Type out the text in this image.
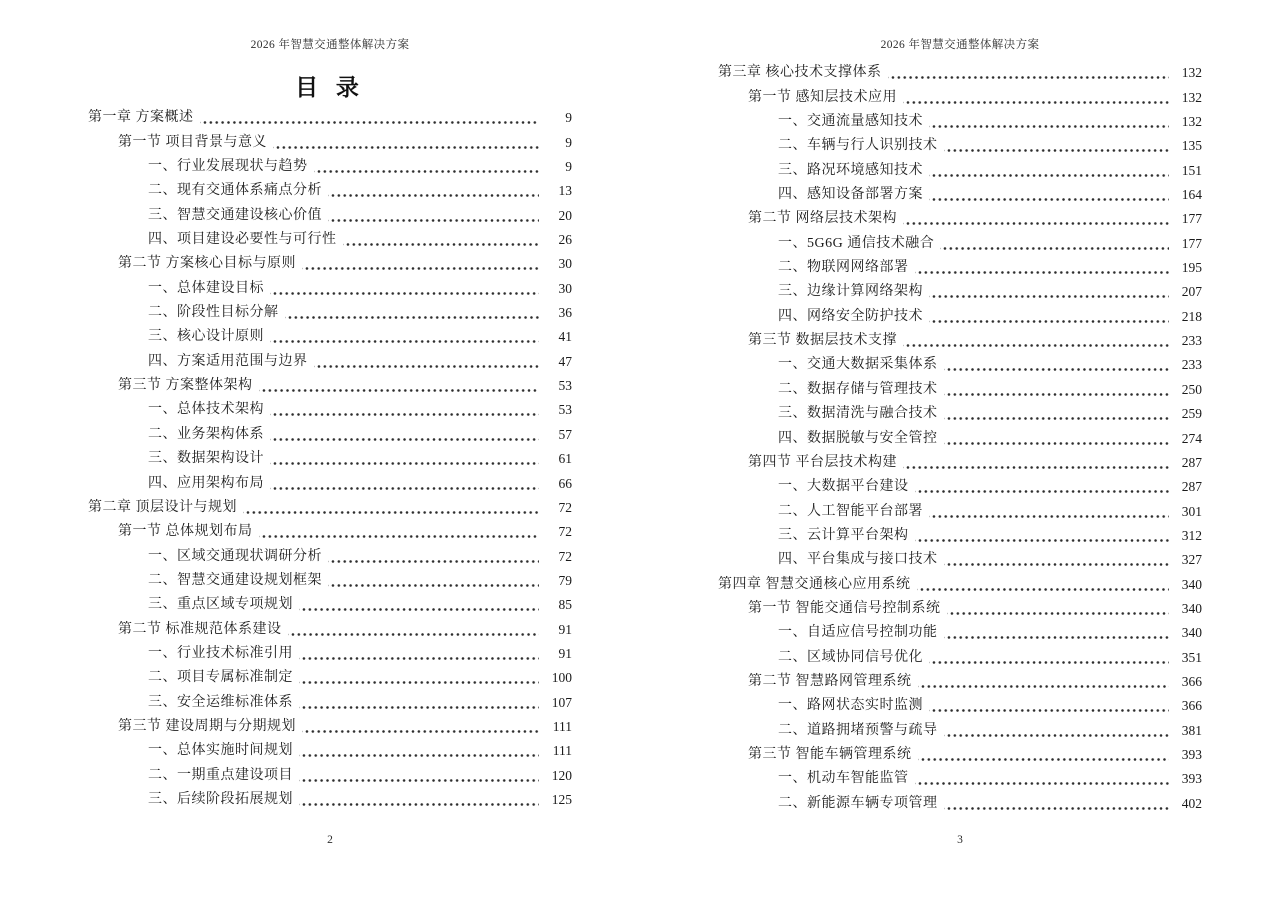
2026 年智慧交通整体解决方案
目 录
第一章 方案概述	9
第一节 项目背景与意义	9
一、行业发展现状与趋势	9
二、现有交通体系痛点分析	13
三、智慧交通建设核心价值	20
四、项目建设必要性与可行性	26
第二节 方案核心目标与原则	30
一、总体建设目标	30
二、阶段性目标分解	36
三、核心设计原则	41
四、方案适用范围与边界	47
第三节 方案整体架构	53
一、总体技术架构	53
二、业务架构体系	57
三、数据架构设计	61
四、应用架构布局	66
第二章 顶层设计与规划	72
第一节 总体规划布局	72
一、区域交通现状调研分析	72
二、智慧交通建设规划框架	79
三、重点区域专项规划	85
第二节 标准规范体系建设	91
一、行业技术标准引用	91
二、项目专属标准制定	100
三、安全运维标准体系	107
第三节 建设周期与分期规划	111
一、总体实施时间规划	111
二、一期重点建设项目	120
三、后续阶段拓展规划	125
2
2026 年智慧交通整体解决方案
第三章 核心技术支撑体系	132
第一节 感知层技术应用	132
一、交通流量感知技术	132
二、车辆与行人识别技术	135
三、路况环境感知技术	151
四、感知设备部署方案	164
第二节 网络层技术架构	177
一、5G6G 通信技术融合	177
二、物联网网络部署	195
三、边缘计算网络架构	207
四、网络安全防护技术	218
第三节 数据层技术支撑	233
一、交通大数据采集体系	233
二、数据存储与管理技术	250
三、数据清洗与融合技术	259
四、数据脱敏与安全管控	274
第四节 平台层技术构建	287
一、大数据平台建设	287
二、人工智能平台部署	301
三、云计算平台架构	312
四、平台集成与接口技术	327
第四章 智慧交通核心应用系统	340
第一节 智能交通信号控制系统	340
一、自适应信号控制功能	340
二、区域协同信号优化	351
第二节 智慧路网管理系统	366
一、路网状态实时监测	366
二、道路拥堵预警与疏导	381
第三节 智能车辆管理系统	393
一、机动车智能监管	393
二、新能源车辆专项管理	402
3
